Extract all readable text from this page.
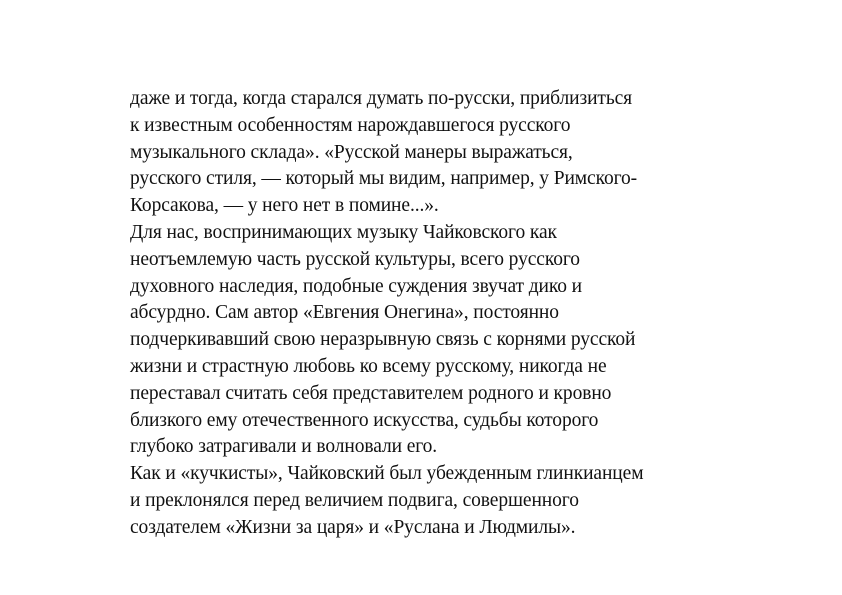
даже и тогда, когда старался думать по-русски, приблизиться
к известным особенностям нарождавшегося русского
музыкального склада». «Русской манеры выражаться,
русского стиля, — который мы видим, например, у Римского-
Корсакова, — у него нет в помине...».
Для нас, воспринимающих музыку Чайковского как
неотъемлемую часть русской культуры, всего русского
духовного наследия, подобные суждения звучат дико и
абсурдно. Сам автор «Евгения Онегина», постоянно
подчеркивавший свою неразрывную связь с корнями русской
жизни и страстную любовь ко всему русскому, никогда не
переставал считать себя представителем родного и кровно
близкого ему отечественного искусства, судьбы которого
глубоко затрагивали и волновали его.
Как и «кучкисты», Чайковский был убежденным глинкианцем
и преклонялся перед величием подвига, совершенного
создателем «Жизни за царя» и «Руслана и Людмилы».
